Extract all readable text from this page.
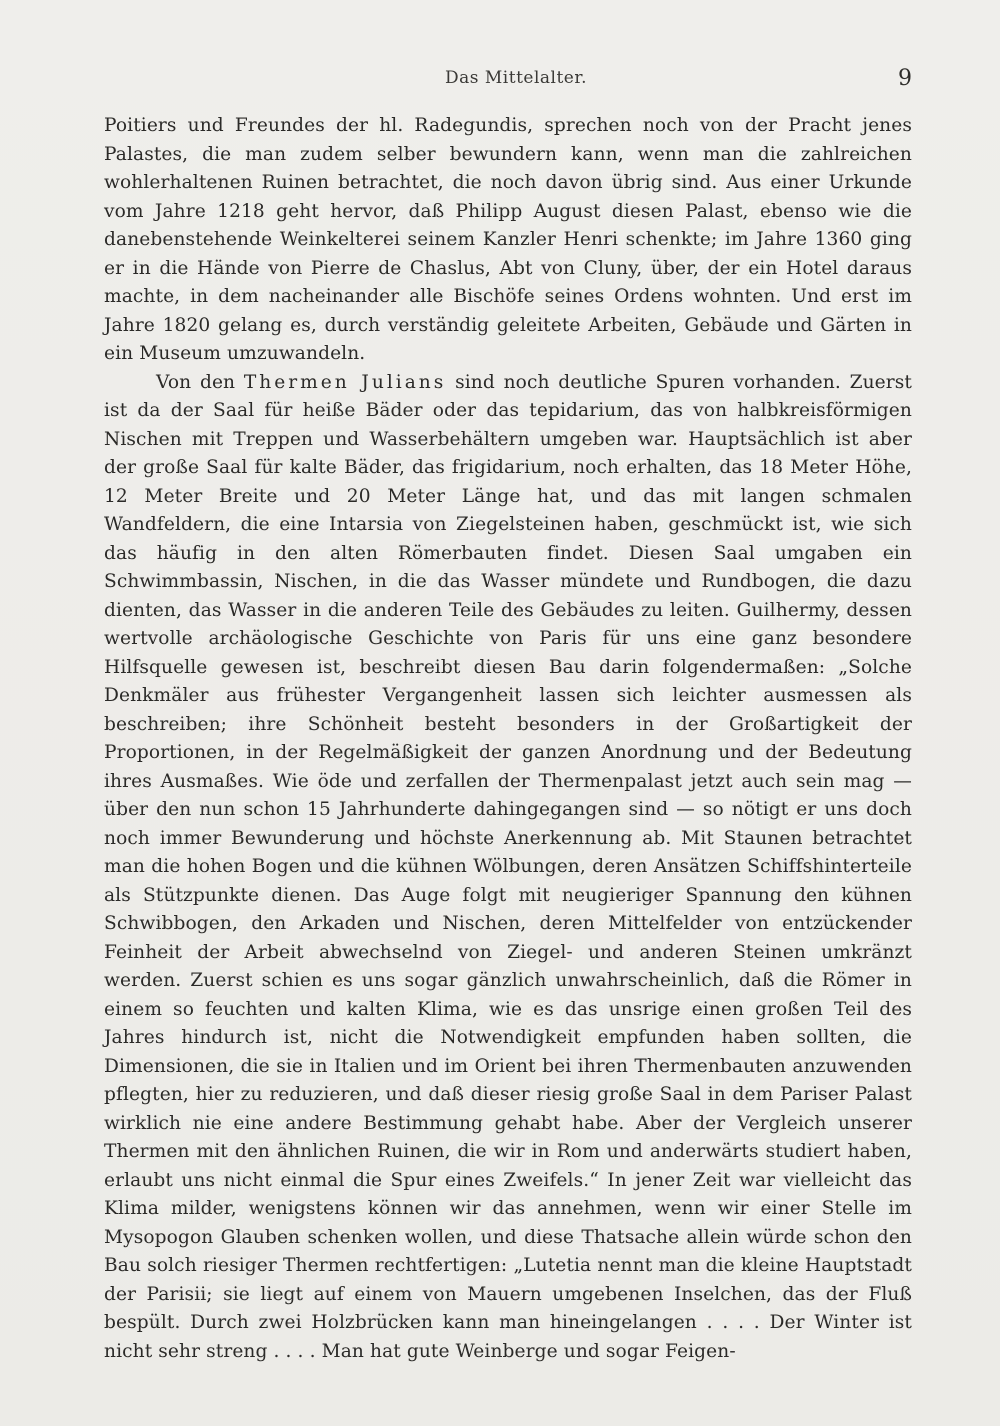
Das Mittelalter.	9

Poitiers und Freundes der hl. Radegundis, sprechen noch von der Pracht jenes Palastes, die man zudem selber bewundern kann, wenn man die zahlreichen wohlerhaltenen Ruinen betrachtet, die noch davon übrig sind. Aus einer Urkunde vom Jahre 1218 geht hervor, daß Philipp August diesen Palast, ebenso wie die danebenstehende Weinkelterei seinem Kanzler Henri schenkte; im Jahre 1360 ging er in die Hände von Pierre de Chaslus, Abt von Cluny, über, der ein Hotel daraus machte, in dem nacheinander alle Bischöfe seines Ordens wohnten. Und erst im Jahre 1820 gelang es, durch verständig geleitete Arbeiten, Gebäude und Gärten in ein Museum umzuwandeln.

Von den Thermen Julians sind noch deutliche Spuren vorhanden. Zuerst ist da der Saal für heiße Bäder oder das tepidarium, das von halbkreisförmigen Nischen mit Treppen und Wasserbehältern umgeben war. Hauptsächlich ist aber der große Saal für kalte Bäder, das frigidarium, noch erhalten, das 18 Meter Höhe, 12 Meter Breite und 20 Meter Länge hat, und das mit langen schmalen Wandfeldern, die eine Intarsia von Ziegelsteinen haben, geschmückt ist, wie sich das häufig in den alten Römerbauten findet. Diesen Saal umgaben ein Schwimmbassin, Nischen, in die das Wasser mündete und Rundbogen, die dazu dienten, das Wasser in die anderen Teile des Gebäudes zu leiten. Guilhermy, dessen wertvolle archäologische Geschichte von Paris für uns eine ganz besondere Hilfsquelle gewesen ist, beschreibt diesen Bau darin folgendermaßen: „Solche Denkmäler aus frühester Vergangenheit lassen sich leichter ausmessen als beschreiben; ihre Schönheit besteht besonders in der Großartigkeit der Proportionen, in der Regelmäßigkeit der ganzen Anordnung und der Bedeutung ihres Ausmaßes. Wie öde und zerfallen der Thermenpalast jetzt auch sein mag — über den nun schon 15 Jahrhunderte dahingegangen sind — so nötigt er uns doch noch immer Bewunderung und höchste Anerkennung ab. Mit Staunen betrachtet man die hohen Bogen und die kühnen Wölbungen, deren Ansätzen Schiffshinterteile als Stützpunkte dienen. Das Auge folgt mit neugieriger Spannung den kühnen Schwibbogen, den Arkaden und Nischen, deren Mittelfelder von entzückender Feinheit der Arbeit abwechselnd von Ziegel- und anderen Steinen umkränzt werden. Zuerst schien es uns sogar gänzlich unwahrscheinlich, daß die Römer in einem so feuchten und kalten Klima, wie es das unsrige einen großen Teil des Jahres hindurch ist, nicht die Notwendigkeit empfunden haben sollten, die Dimensionen, die sie in Italien und im Orient bei ihren Thermenbauten anzuwenden pflegten, hier zu reduzieren, und daß dieser riesig große Saal in dem Pariser Palast wirklich nie eine andere Bestimmung gehabt habe. Aber der Vergleich unserer Thermen mit den ähnlichen Ruinen, die wir in Rom und anderwärts studiert haben, erlaubt uns nicht einmal die Spur eines Zweifels.“ In jener Zeit war vielleicht das Klima milder, wenigstens können wir das annehmen, wenn wir einer Stelle im Mysopogon Glauben schenken wollen, und diese Thatsache allein würde schon den Bau solch riesiger Thermen rechtfertigen: „Lutetia nennt man die kleine Hauptstadt der Parisii; sie liegt auf einem von Mauern umgebenen Inselchen, das der Fluß bespült. Durch zwei Holzbrücken kann man hineingelangen . . . . Der Winter ist nicht sehr streng . . . . Man hat gute Weinberge und sogar Feigen-
